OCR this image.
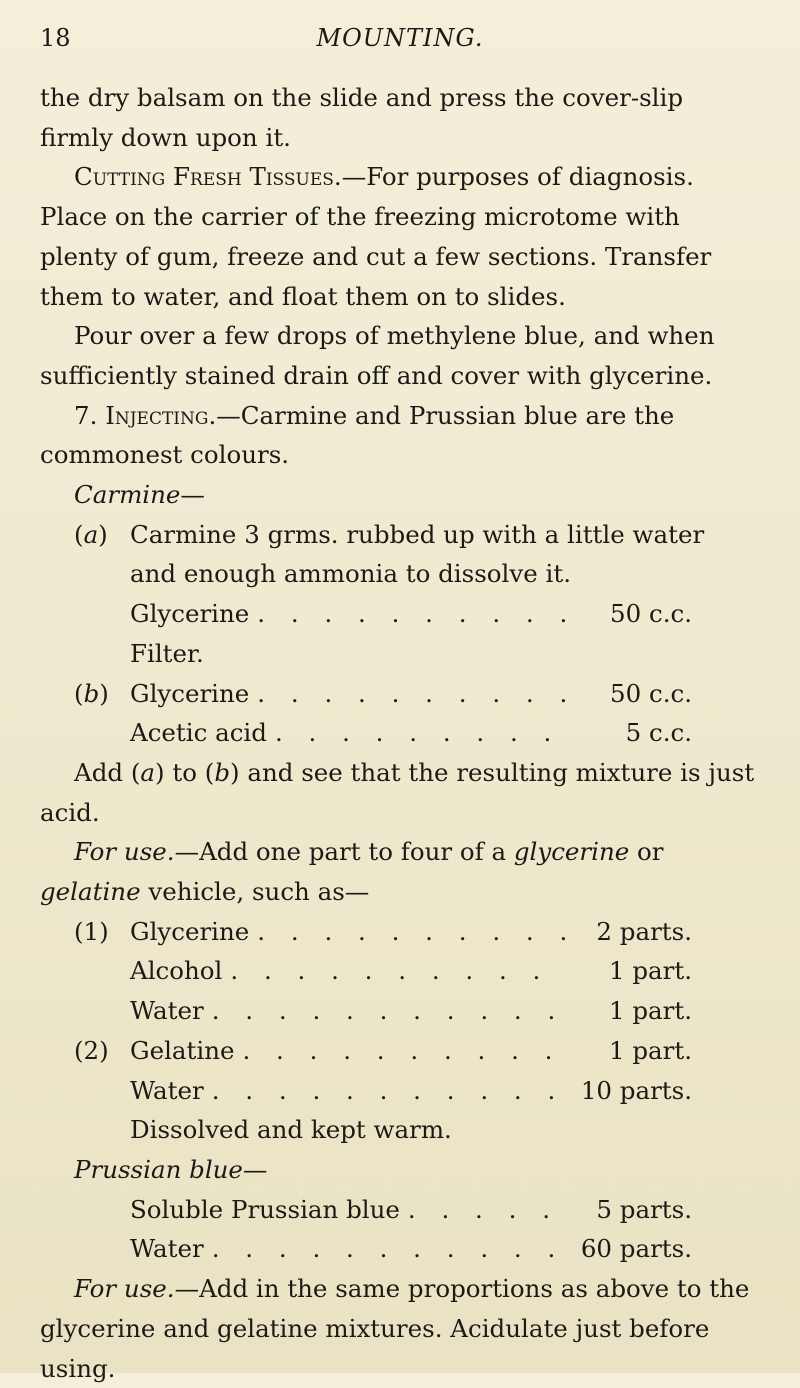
18	MOUNTING.

the dry balsam on the slide and press the cover-slip firmly down upon it.

Cutting Fresh Tissues.—For purposes of diagnosis. Place on the carrier of the freezing microtome with plenty of gum, freeze and cut a few sections. Transfer them to water, and float them on to slides.

Pour over a few drops of methylene blue, and when sufficiently stained drain off and cover with glycerine.

7. Injecting.—Carmine and Prussian blue are the commonest colours.

Carmine—

(a) Carmine 3 grms. rubbed up with a little water

and enough ammonia to dissolve it.

Glycerine . . . . . . . . . .	50 c.c.

Filter.

(b) Glycerine . . . . . . . . . .	50 c.c.
Acetic acid . . . . . . . . .	5 c.c.

Add (a) to (b) and see that the resulting mixture is just acid.

For use.—Add one part to four of a glycerine or gelatine vehicle, such as—

(1) Glycerine . . . . . . . . . . 2 parts.
Alcohol . . . . . . . . . .	1 part.
Water . . . . . . . . . . .	1 part.
(2) Gelatine . . . . . . . . . .	1 part.
Water . . . . . . . . . . . 10 parts.

Dissolved and kept warm.

Prussian blue—

Soluble Prussian blue . . . . .	5 parts.
Water . . . . . . . . . . . 60 parts.

For use.—Add in the same proportions as above to the glycerine and gelatine mixtures. Acidulate just before using.
